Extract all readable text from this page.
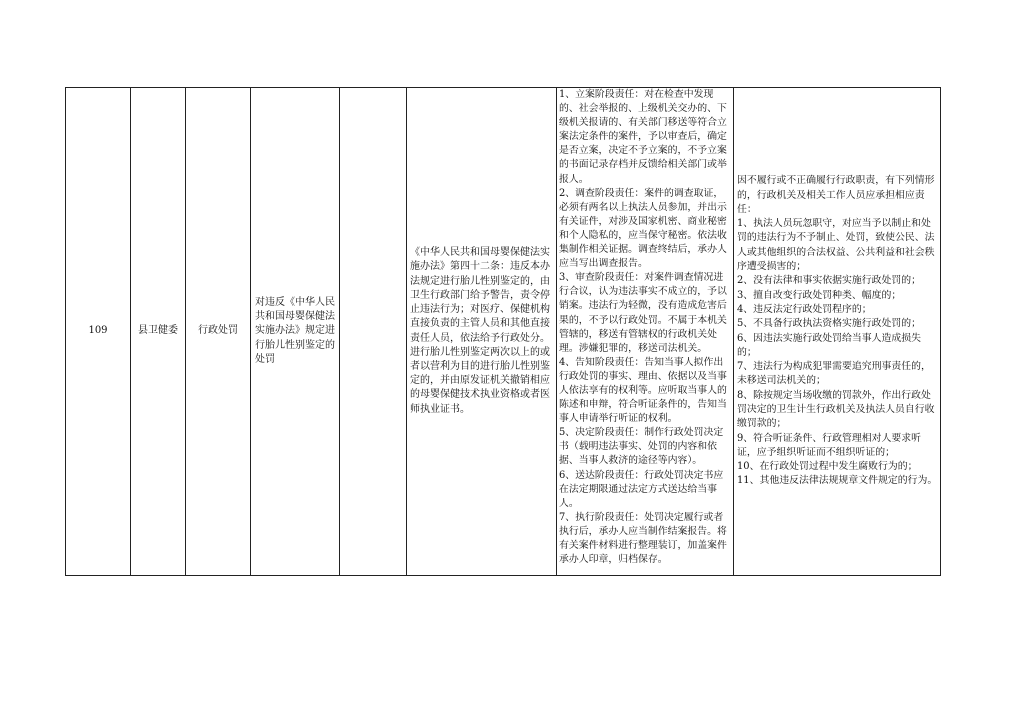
109	县卫健委 行政处罚
对违反《中华人民共和国母婴保健法实施办法》规定进行胎儿性别鉴定的处罚
《中华人民共和国母婴保健法实施办法》第四十二条：违反本办法规定进行胎儿性别鉴定的，由卫生行政部门给予警告，责令停止违法行为；对医疗、保健机构直接负责的主管人员和其他直接责任人员，依法给予行政处分。进行胎儿性别鉴定两次以上的或者以营利为目的进行胎儿性别鉴定的，并由原发证机关撤销相应的母婴保健技术执业资格或者医师执业证书。
1、立案阶段责任：对在检查中发现的、社会举报的、上级机关交办的、下级机关报请的、有关部门移送等符合立案法定条件的案件，予以审查后，确定是否立案，决定不予立案的，不予立案的书面记录存档并反馈给相关部门或举报人。
2、调查阶段责任：案件的调查取证，必须有两名以上执法人员参加，并出示有关证件，对涉及国家机密、商业秘密和个人隐私的，应当保守秘密。依法收集制作相关证据。调查终结后，承办人应当写出调查报告。
3、审查阶段责任：对案件调查情况进行合议，认为违法事实不成立的，予以销案。违法行为轻微，没有造成危害后果的，不予以行政处罚。不属于本机关管辖的，移送有管辖权的行政机关处理。涉嫌犯罪的，移送司法机关。
4、告知阶段责任：告知当事人拟作出行政处罚的事实、理由、依据以及当事人依法享有的权利等。应听取当事人的陈述和申辩，符合听证条件的，告知当事人申请举行听证的权利。
5、决定阶段责任：制作行政处罚决定书（载明违法事实、处罚的内容和依据、当事人救济的途径等内容）。
6、送达阶段责任：行政处罚决定书应在法定期限通过法定方式送达给当事人。
7、执行阶段责任：处罚决定履行或者执行后，承办人应当制作结案报告。将有关案件材料进行整理装订，加盖案件承办人印章，归档保存。
因不履行或不正确履行行政职责，有下列情形的，行政机关及相关工作人员应承担相应责任：
1、执法人员玩忽职守，对应当予以制止和处罚的违法行为不予制止、处罚，致使公民、法人或其他组织的合法权益、公共利益和社会秩序遭受损害的；
2、没有法律和事实依据实施行政处罚的；
3、擅自改变行政处罚种类、幅度的；
4、违反法定行政处罚程序的；
5、不具备行政执法资格实施行政处罚的；
6、因违法实施行政处罚给当事人造成损失的；
7、违法行为构成犯罪需要追究刑事责任的，未移送司法机关的；
8、除按规定当场收缴的罚款外，作出行政处罚决定的卫生计生行政机关及执法人员自行收缴罚款的；
9、符合听证条件、行政管理相对人要求听证，应予组织听证而不组织听证的；
10、在行政处罚过程中发生腐败行为的；
11、其他违反法律法规规章文件规定的行为。
